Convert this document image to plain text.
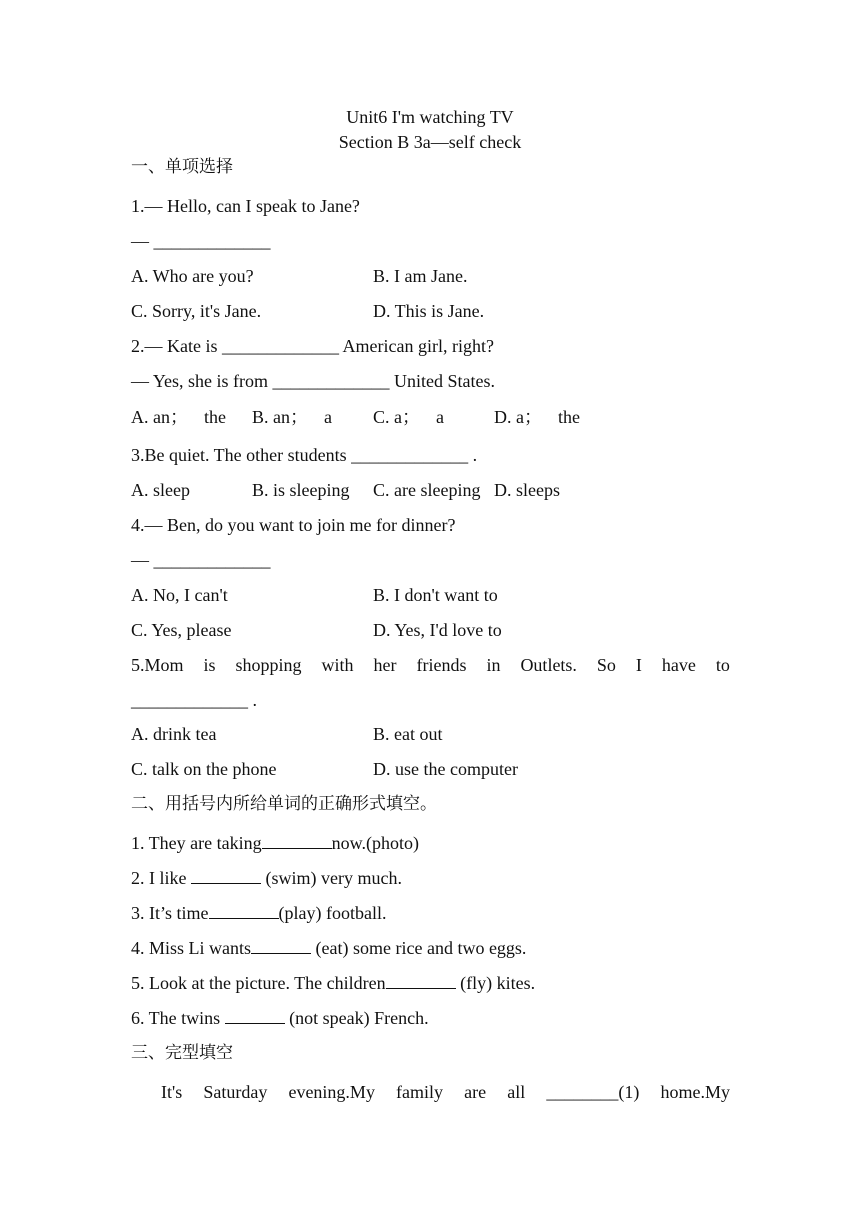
Unit6 I'm watching TV
Section B 3a—self check
一、单项选择
1.— Hello, can I speak to Jane?
— _____________
A. Who are you?	B. I am Jane.
C. Sorry, it's Jane.	D. This is Jane.
2.— Kate is _____________ American girl, right?
— Yes, she is from _____________ United States.
A. an； the B. an； a C. a； a	D. a； the
3.Be quiet. The other students _____________ .
A. sleep	B. is sleeping C. are sleeping D. sleeps
4.— Ben, do you want to join me for dinner?
— _____________
A. No, I can't	B. I don't want to
C. Yes, please	D. Yes, I'd love to
5.Mom is shopping with her friends in Outlets. So I have to
_____________ .
A. drink tea	B. eat out
C. talk on the phone	D. use the computer
二、用括号内所给单词的正确形式填空。
1. They are taking	now.(photo)
2. I like	(swim) very much.
3. It’s time	(play) football.
4. Miss Li wants	(eat) some rice and two eggs.
5. Look at the picture. The children	(fly) kites.
6. The twins	(not speak) French.
三、完型填空
It's Saturday evening.My family are all ________(1) home.My
